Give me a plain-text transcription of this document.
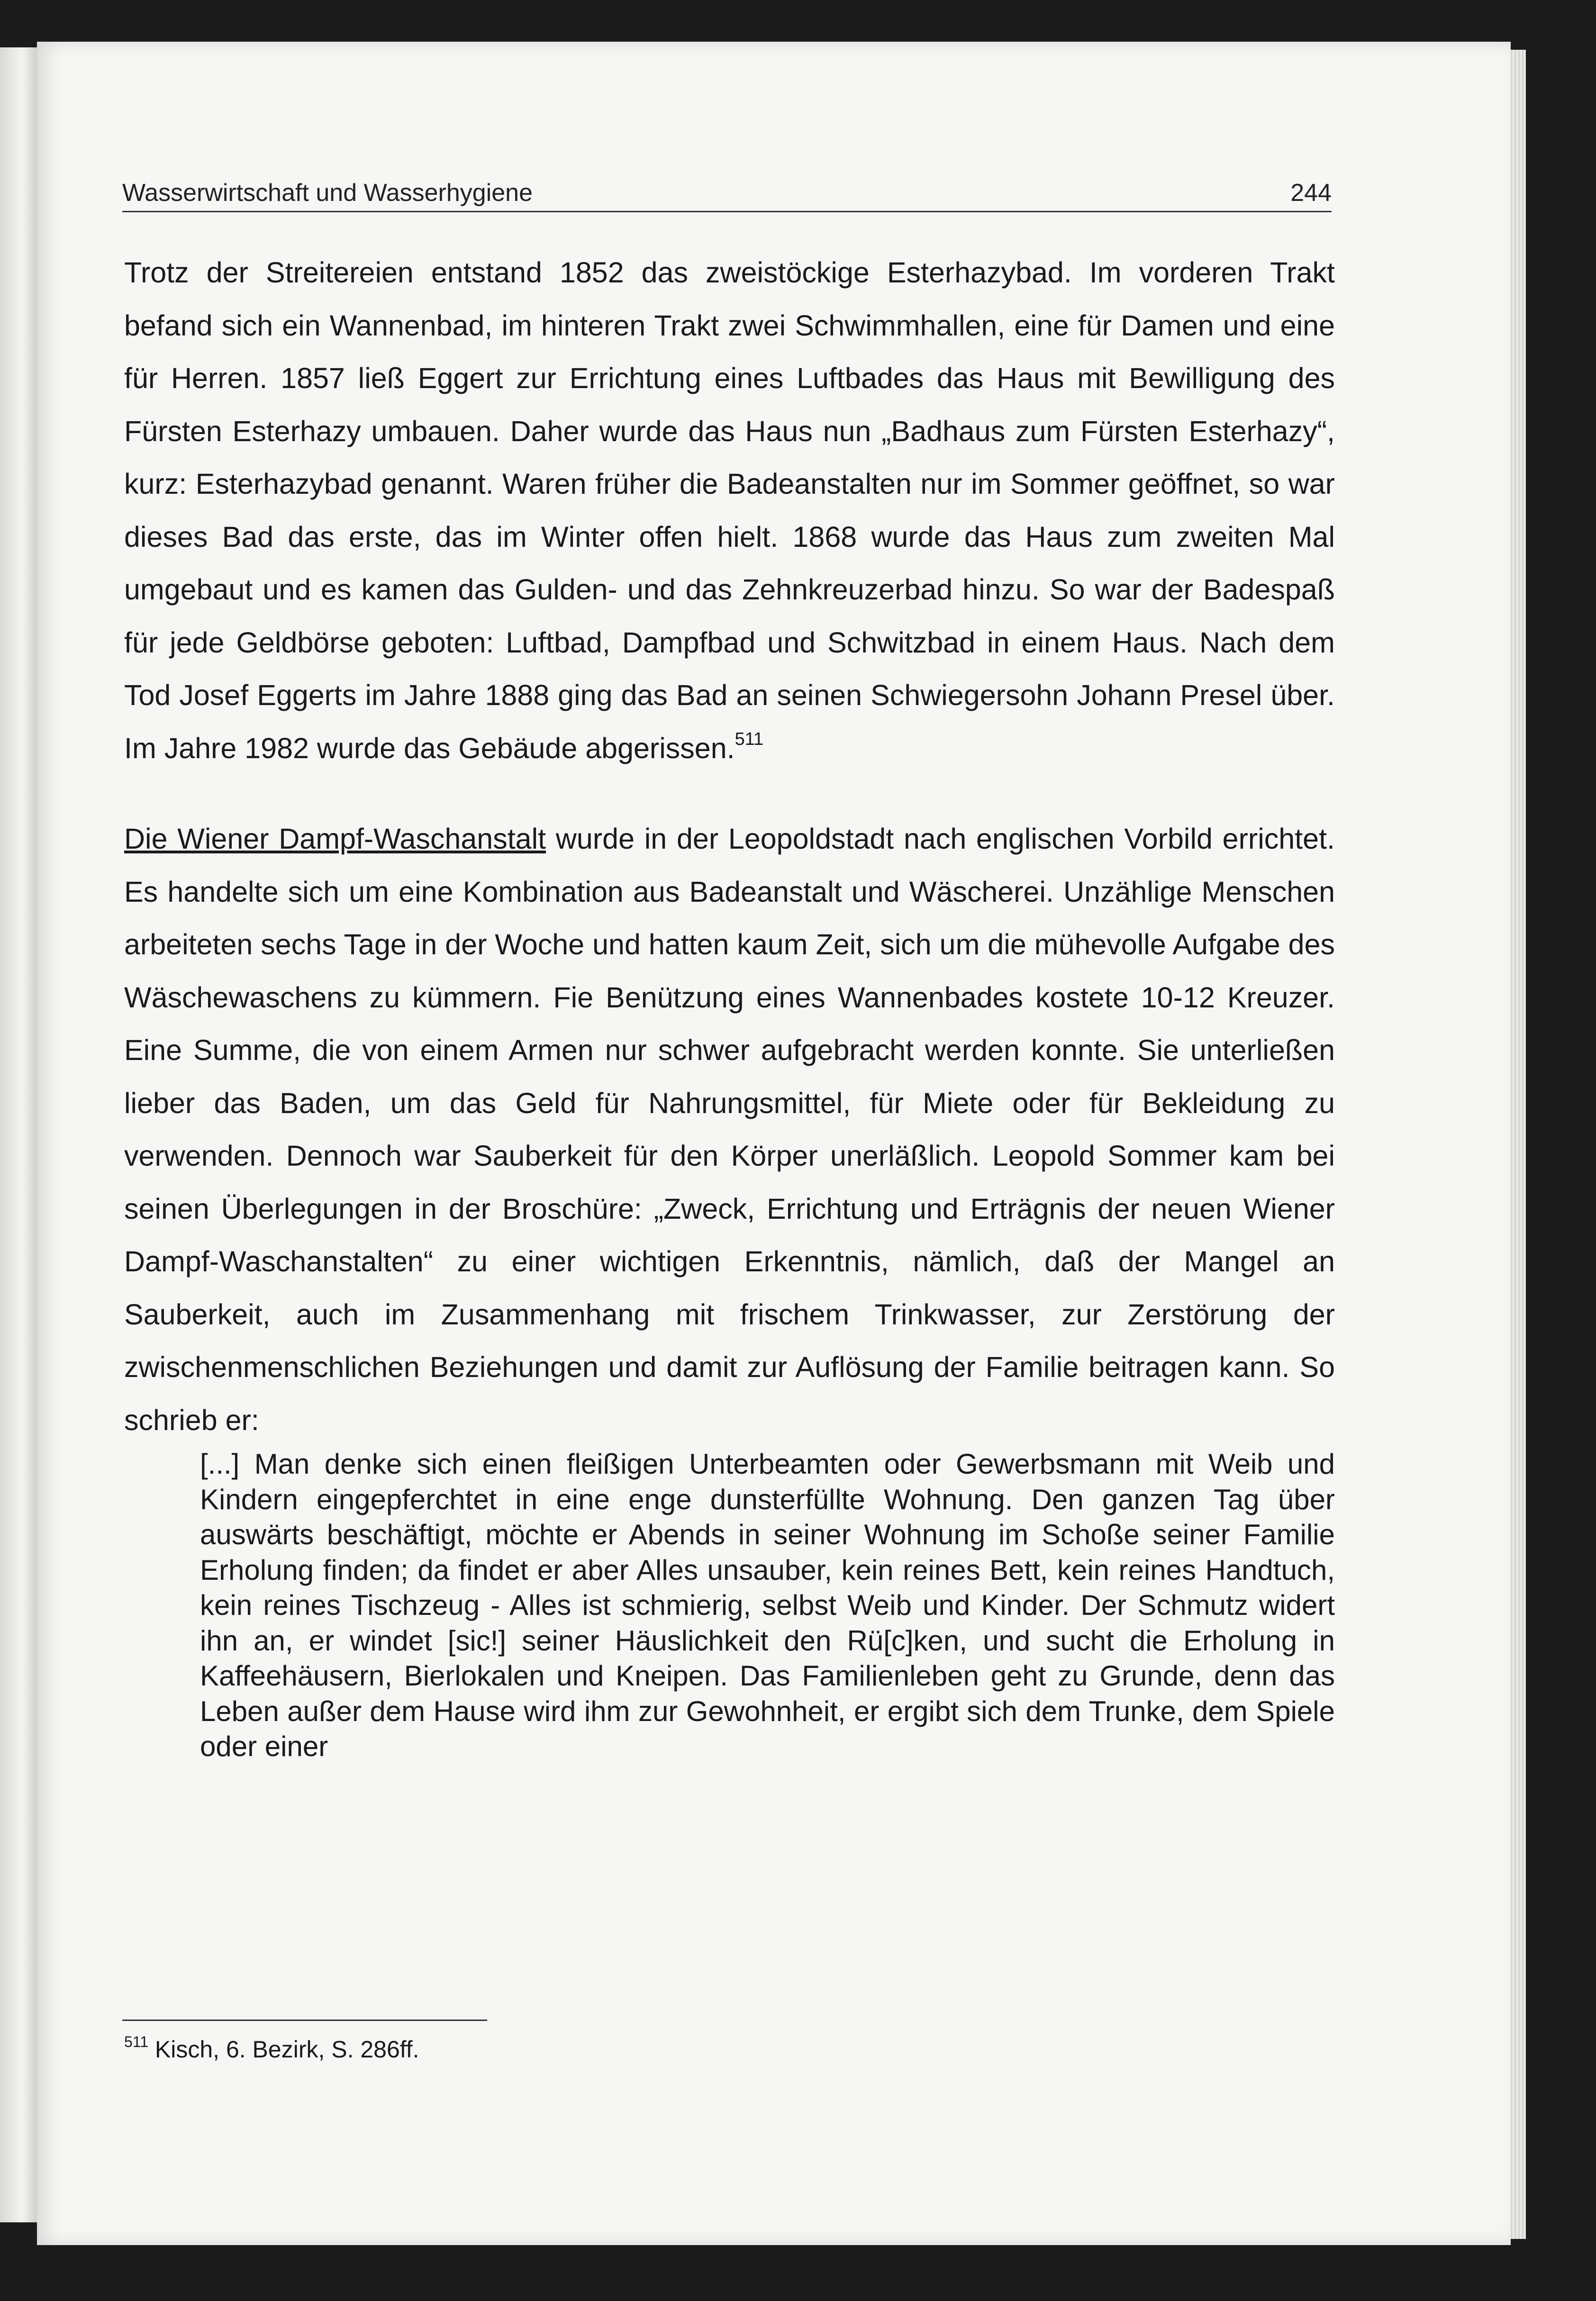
Wasserwirtschaft und Wasserhygiene	244

Trotz der Streitereien entstand 1852 das zweistöckige Esterhazybad. Im vorderen Trakt befand sich ein Wannenbad, im hinteren Trakt zwei Schwimmhallen, eine für Damen und eine für Herren. 1857 ließ Eggert zur Errichtung eines Luftbades das Haus mit Bewilligung des Fürsten Esterhazy umbauen. Daher wurde das Haus nun „Badhaus zum Fürsten Esterhazy“, kurz: Esterhazybad genannt. Waren früher die Badeanstalten nur im Sommer geöffnet, so war dieses Bad das erste, das im Winter offen hielt. 1868 wurde das Haus zum zweiten Mal umgebaut und es kamen das Gulden- und das Zehnkreuzerbad hinzu. So war der Badespaß für jede Geldbörse geboten: Luftbad, Dampfbad und Schwitzbad in einem Haus. Nach dem Tod Josef Eggerts im Jahre 1888 ging das Bad an seinen Schwiegersohn Johann Presel über. Im Jahre 1982 wurde das Gebäude abgerissen.$^{511}$

Die Wiener Dampf-Waschanstalt wurde in der Leopoldstadt nach englischen Vorbild errichtet. Es handelte sich um eine Kombination aus Badeanstalt und Wäscherei. Unzählige Menschen arbeiteten sechs Tage in der Woche und hatten kaum Zeit, sich um die mühevolle Aufgabe des Wäschewaschens zu kümmern. Fie Benützung eines Wannenbades kostete 10-12 Kreuzer. Eine Summe, die von einem Armen nur schwer aufgebracht werden konnte. Sie unterließen lieber das Baden, um das Geld für Nahrungsmittel, für Miete oder für Bekleidung zu verwenden. Dennoch war Sauberkeit für den Körper unerläßlich. Leopold Sommer kam bei seinen Überlegungen in der Broschüre: „Zweck, Errichtung und Erträgnis der neuen Wiener Dampf-Waschanstalten“ zu einer wichtigen Erkenntnis, nämlich, daß der Mangel an Sauberkeit, auch im Zusammenhang mit frischem Trinkwasser, zur Zerstörung der zwischenmenschlichen Beziehungen und damit zur Auflösung der Familie beitragen kann. So schrieb er:

[...] Man denke sich einen fleißigen Unterbeamten oder Gewerbsmann mit Weib und Kindern eingepferchtet in eine enge dunsterfüllte Wohnung. Den ganzen Tag über auswärts beschäftigt, möchte er Abends in seiner Wohnung im Schoße seiner Familie Erholung finden; da findet er aber Alles unsauber, kein reines Bett, kein reines Handtuch, kein reines Tischzeug - Alles ist schmierig, selbst Weib und Kinder. Der Schmutz widert ihn an, er windet [sic!] seiner Häuslichkeit den Rü[c]ken, und sucht die Erholung in Kaffeehäusern, Bierlokalen und Kneipen. Das Familienleben geht zu Grunde, denn das Leben außer dem Hause wird ihm zur Gewohnheit, er ergibt sich dem Trunke, dem Spiele oder einer

$^{511}$ Kisch, 6. Bezirk, S. 286ff.
